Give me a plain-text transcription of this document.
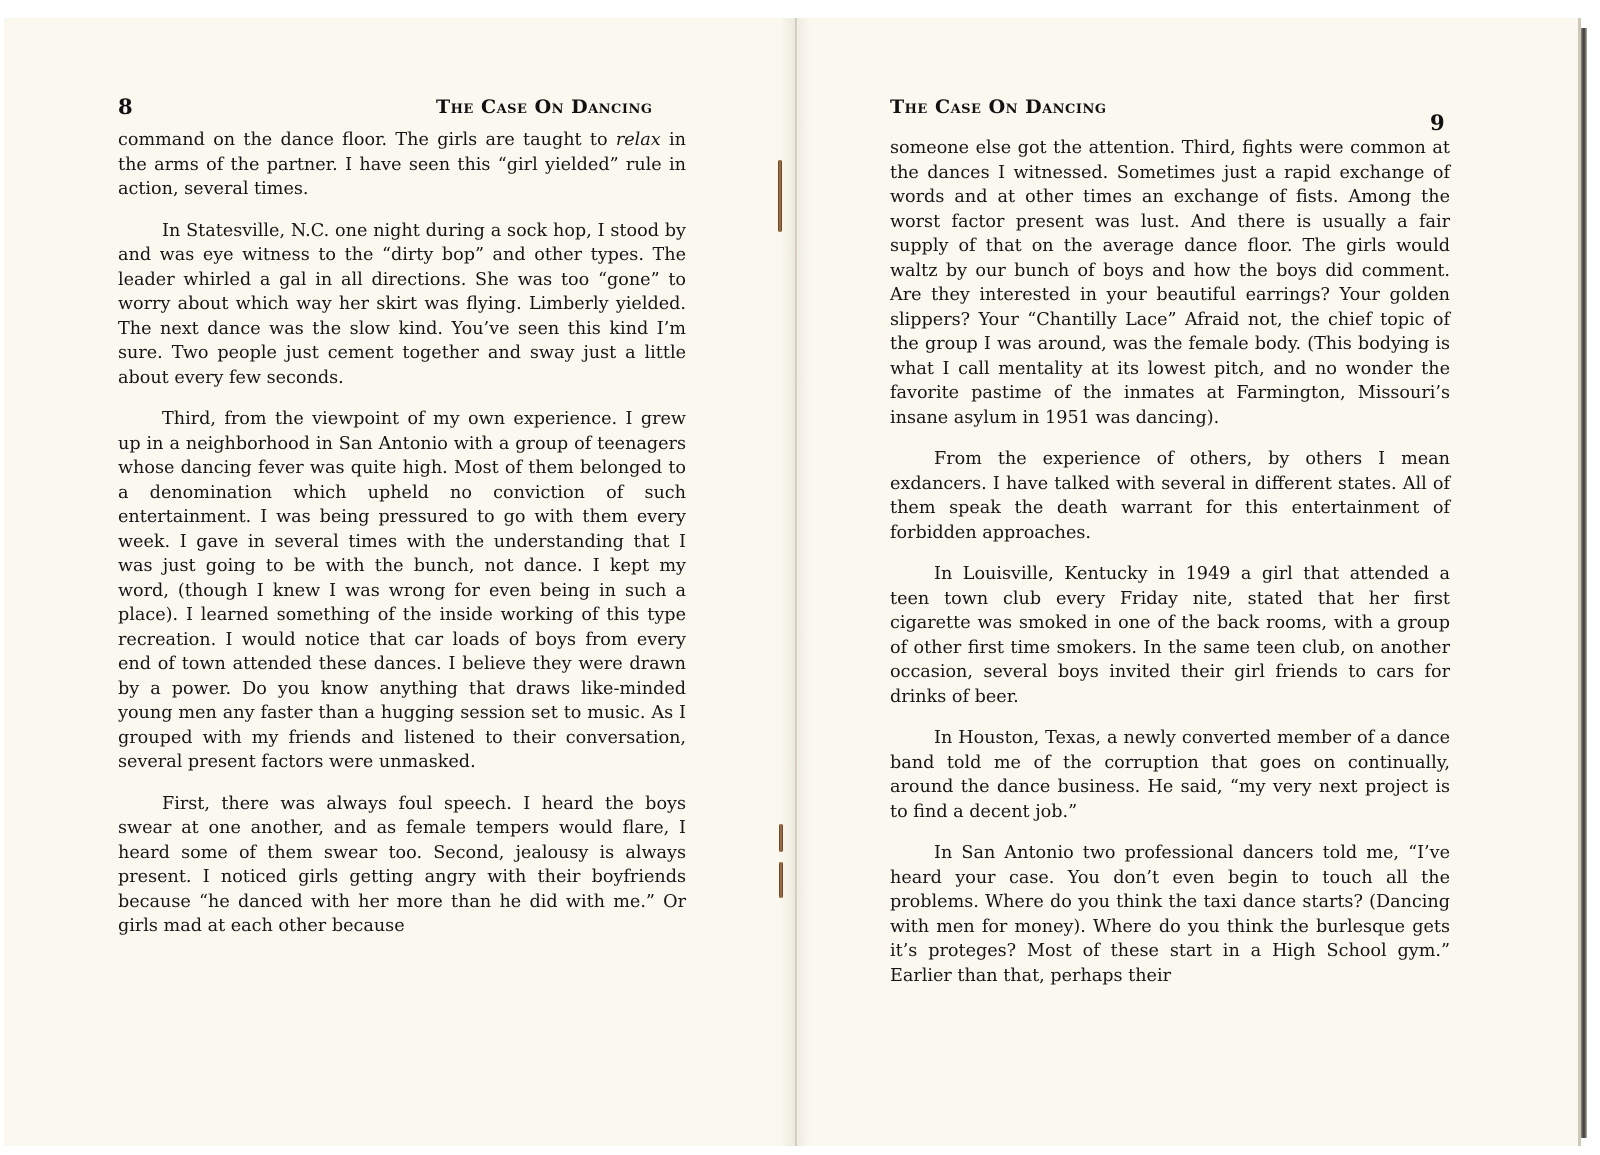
8	The Case On Dancing

command on the dance floor. The girls are taught to relax in the arms of the partner. I have seen this “girl yielded” rule in action, several times.

In Statesville, N.C. one night during a sock hop, I stood by and was eye witness to the “dirty bop” and other types. The leader whirled a gal in all directions. She was too “gone” to worry about which way her skirt was flying. Limberly yielded. The next dance was the slow kind. You’ve seen this kind I’m sure. Two people just cement together and sway just a little about every few seconds.

Third, from the viewpoint of my own experience. I grew up in a neighborhood in San Antonio with a group of teenagers whose dancing fever was quite high. Most of them belonged to a denomination which upheld no conviction of such entertainment. I was being pressured to go with them every week. I gave in several times with the understanding that I was just going to be with the bunch, not dance. I kept my word, (though I knew I was wrong for even being in such a place). I learned something of the inside working of this type recreation. I would notice that car loads of boys from every end of town attended these dances. I believe they were drawn by a power. Do you know anything that draws like-minded young men any faster than a hugging session set to music. As I grouped with my friends and listened to their conversation, several present factors were unmasked.

First, there was always foul speech. I heard the boys swear at one another, and as female tempers would flare, I heard some of them swear too. Second, jealousy is always present. I noticed girls getting angry with their boyfriends because “he danced with her more than he did with me.” Or girls mad at each other because

The Case On Dancing
9

someone else got the attention. Third, fights were common at the dances I witnessed. Sometimes just a rapid exchange of words and at other times an exchange of fists. Among the worst factor present was lust. And there is usually a fair supply of that on the average dance floor. The girls would waltz by our bunch of boys and how the boys did comment. Are they interested in your beautiful earrings? Your golden slippers? Your “Chantilly Lace” Afraid not, the chief topic of the group I was around, was the female body. (This bodying is what I call mentality at its lowest pitch, and no wonder the favorite pastime of the inmates at Farmington, Missouri’s insane asylum in 1951 was dancing).

From the experience of others, by others I mean exdancers. I have talked with several in different states. All of them speak the death warrant for this entertainment of forbidden approaches.

In Louisville, Kentucky in 1949 a girl that attended a teen town club every Friday nite, stated that her first cigarette was smoked in one of the back rooms, with a group of other first time smokers. In the same teen club, on another occasion, several boys invited their girl friends to cars for drinks of beer.

In Houston, Texas, a newly converted member of a dance band told me of the corruption that goes on continually, around the dance business. He said, “my very next project is to find a decent job.”

In San Antonio two professional dancers told me, “I’ve heard your case. You don’t even begin to touch all the problems. Where do you think the taxi dance starts? (Dancing with men for money). Where do you think the burlesque gets it’s proteges? Most of these start in a High School gym.” Earlier than that, perhaps their
